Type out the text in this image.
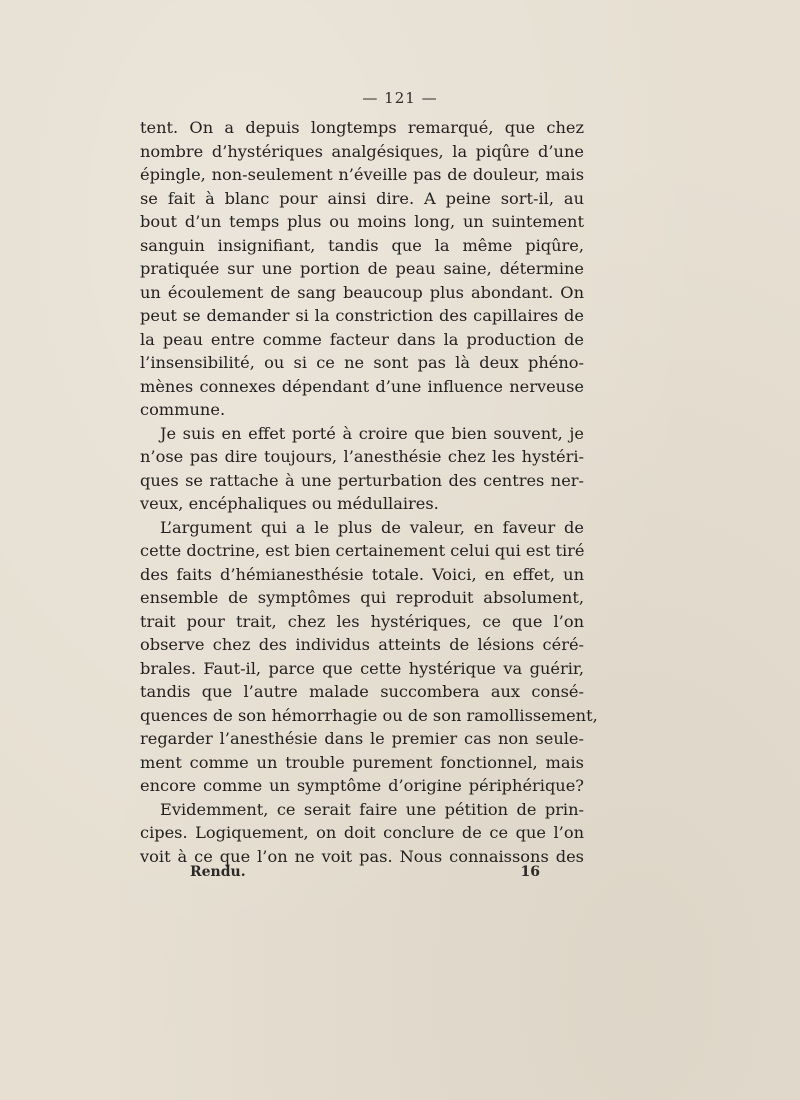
— 121 —
tent. On a depuis longtemps remarqué, que chez
nombre d’hystériques analgésiques, la piqûre d’une
épingle, non-seulement n’éveille pas de douleur, mais
se fait à blanc pour ainsi dire. A peine sort-il, au
bout d’un temps plus ou moins long, un suintement
sanguin insignifiant, tandis que la même piqûre,
pratiquée sur une portion de peau saine, détermine
un écoulement de sang beaucoup plus abondant. On
peut se demander si la constriction des capillaires de
la peau entre comme facteur dans la production de
l’insensibilité, ou si ce ne sont pas là deux phéno-
mènes connexes dépendant d’une influence nerveuse
commune.
Je suis en effet porté à croire que bien souvent, je
n’ose pas dire toujours, l’anesthésie chez les hystéri-
ques se rattache à une perturbation des centres ner-
veux, encéphaliques ou médullaires.
L’argument qui a le plus de valeur, en faveur de
cette doctrine, est bien certainement celui qui est tiré
des faits d’hémianesthésie totale. Voici, en effet, un
ensemble de symptômes qui reproduit absolument,
trait pour trait, chez les hystériques, ce que l’on
observe chez des individus atteints de lésions céré-
brales. Faut-il, parce que cette hystérique va guérir,
tandis que l’autre malade succombera aux consé-
quences de son hémorrhagie ou de son ramollissement,
regarder l’anesthésie dans le premier cas non seule-
ment comme un trouble purement fonctionnel, mais
encore comme un symptôme d’origine périphérique?
Evidemment, ce serait faire une pétition de prin-
cipes. Logiquement, on doit conclure de ce que l’on
voit à ce que l’on ne voit pas. Nous connaissons des
Rendu.	16
